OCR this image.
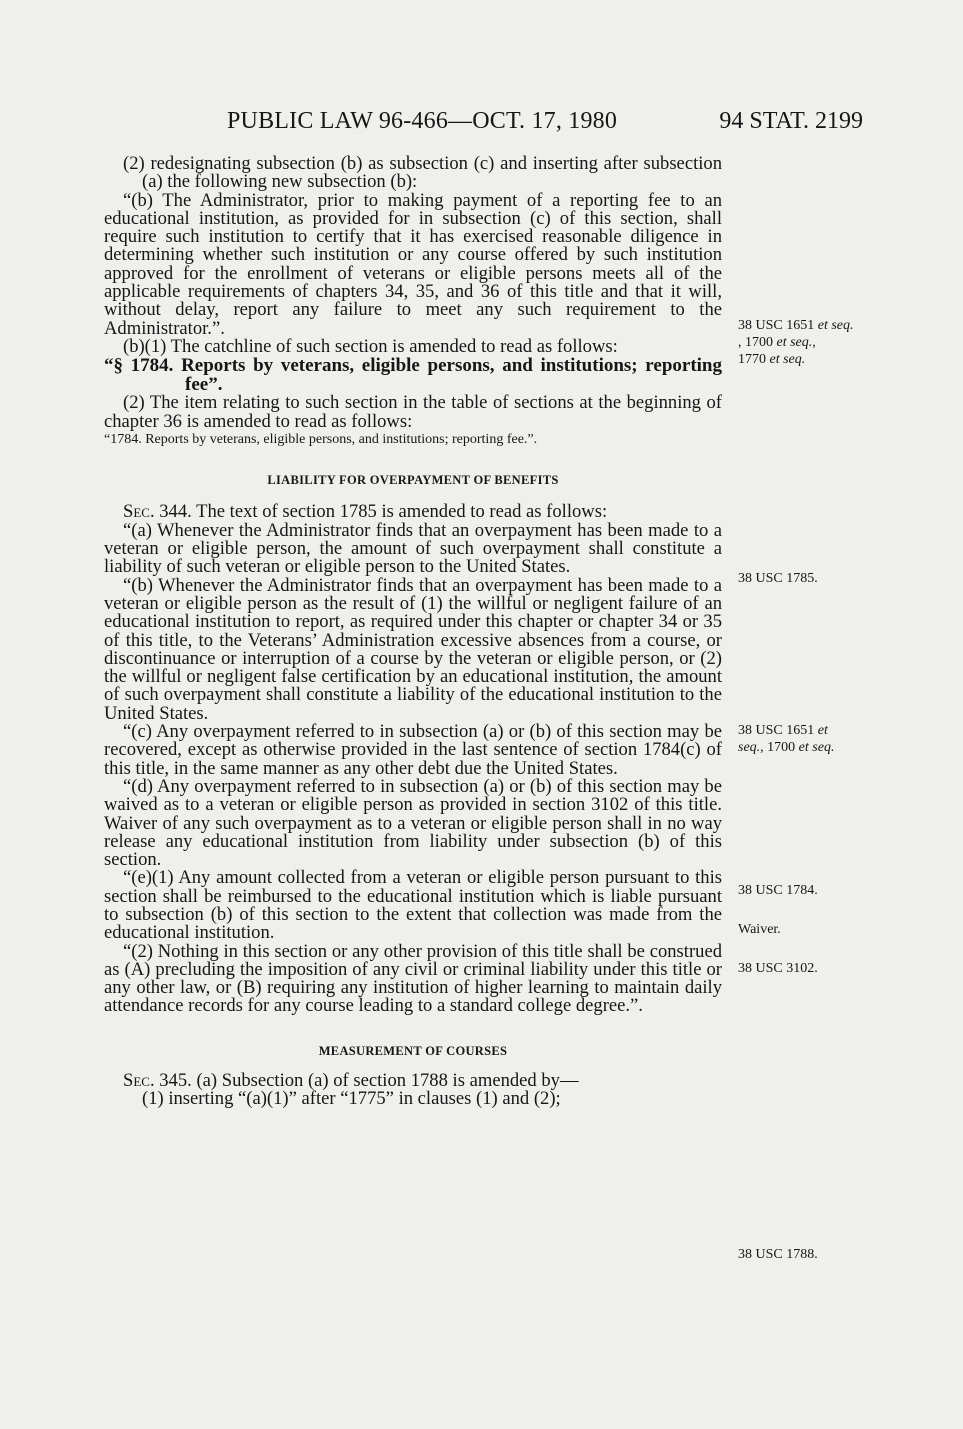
PUBLIC LAW 96-466—OCT. 17, 1980	94 STAT. 2199

(2) redesignating subsection (b) as subsection (c) and inserting after subsection (a) the following new subsection (b):

“(b) The Administrator, prior to making payment of a reporting fee to an educational institution, as provided for in subsection (c) of this section, shall require such institution to certify that it has exercised reasonable diligence in determining whether such institution or any course offered by such institution approved for the enrollment of veterans or eligible persons meets all of the applicable requirements of chapters 34, 35, and 36 of this title and that it will, without delay, report any failure to meet any such requirement to the Administrator.”.

(b)(1) The catchline of such section is amended to read as follows:

“§ 1784. Reports by veterans, eligible persons, and institutions; reporting fee”.

(2) The item relating to such section in the table of sections at the beginning of chapter 36 is amended to read as follows:

“1784. Reports by veterans, eligible persons, and institutions; reporting fee.”.

LIABILITY FOR OVERPAYMENT OF BENEFITS

Sec. 344. The text of section 1785 is amended to read as follows:

“(a) Whenever the Administrator finds that an overpayment has been made to a veteran or eligible person, the amount of such overpayment shall constitute a liability of such veteran or eligible person to the United States.

“(b) Whenever the Administrator finds that an overpayment has been made to a veteran or eligible person as the result of (1) the willful or negligent failure of an educational institution to report, as required under this chapter or chapter 34 or 35 of this title, to the Veterans’ Administration excessive absences from a course, or discontinuance or interruption of a course by the veteran or eligible person, or (2) the willful or negligent false certification by an educational institution, the amount of such overpayment shall constitute a liability of the educational institution to the United States.

“(c) Any overpayment referred to in subsection (a) or (b) of this section may be recovered, except as otherwise provided in the last sentence of section 1784(c) of this title, in the same manner as any other debt due the United States.

“(d) Any overpayment referred to in subsection (a) or (b) of this section may be waived as to a veteran or eligible person as provided in section 3102 of this title. Waiver of any such overpayment as to a veteran or eligible person shall in no way release any educational institution from liability under subsection (b) of this section.

“(e)(1) Any amount collected from a veteran or eligible person pursuant to this section shall be reimbursed to the educational institution which is liable pursuant to subsection (b) of this section to the extent that collection was made from the educational institution.

“(2) Nothing in this section or any other provision of this title shall be construed as (A) precluding the imposition of any civil or criminal liability under this title or any other law, or (B) requiring any institution of higher learning to maintain daily attendance records for any course leading to a standard college degree.”.

MEASUREMENT OF COURSES

Sec. 345. (a) Subsection (a) of section 1788 is amended by—

(1) inserting “(a)(1)” after “1775” in clauses (1) and (2);

38 USC 1651 et seq.
, 1700 et seq.,
1770 et seq.
38 USC 1785.
38 USC 1651 et
seq., 1700 et seq.
38 USC 1784.
Waiver.
38 USC 3102.
38 USC 1788.
